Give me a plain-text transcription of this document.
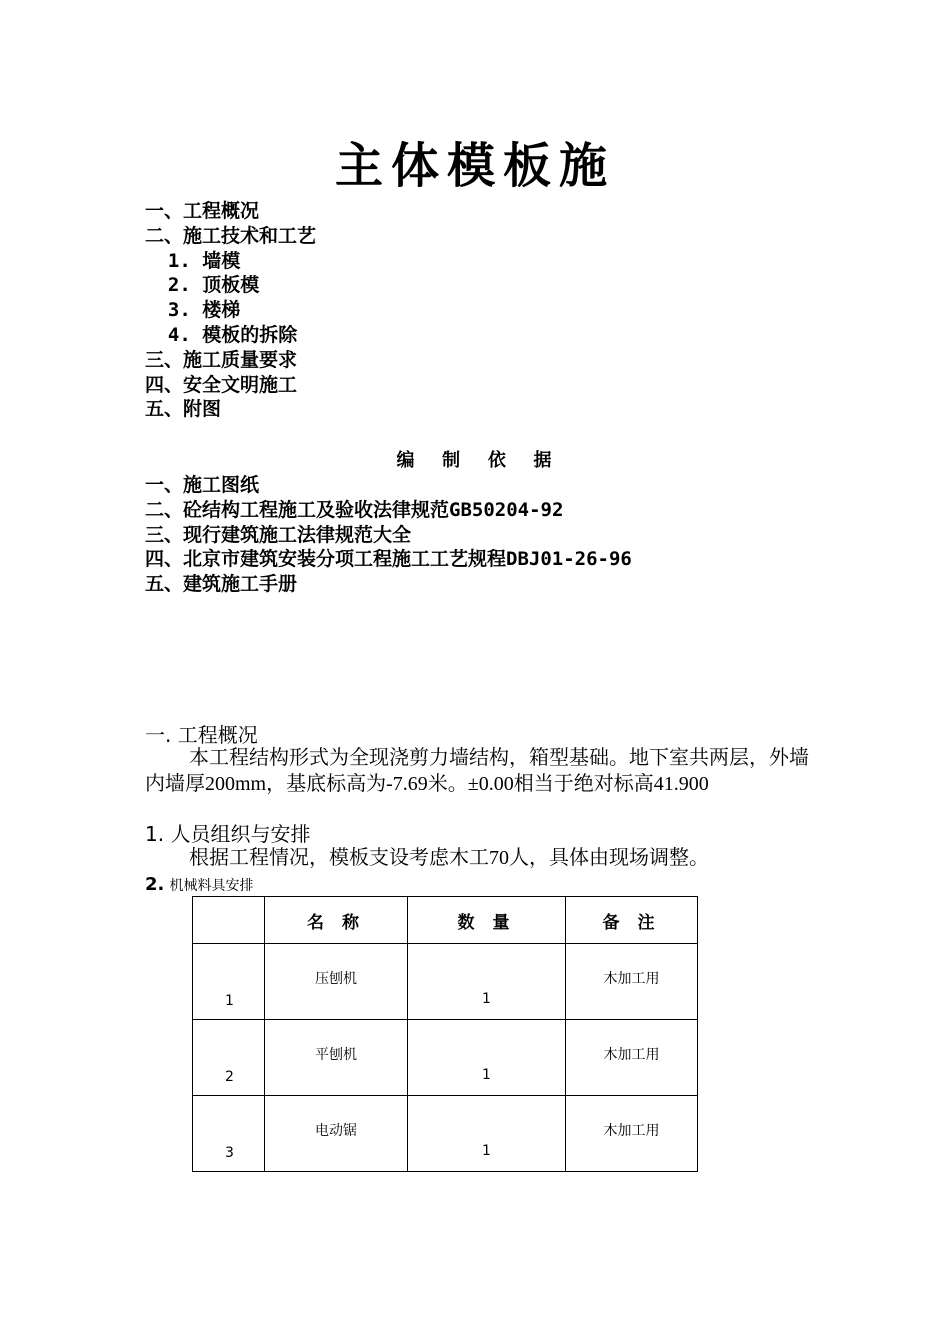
主体模板施
一、工程概况
二、施工技术和工艺
1. 墙模
2. 顶板模
3. 楼梯
4. 模板的拆除
三、施工质量要求
四、安全文明施工
五、附图
编  制  依  据
一、施工图纸
二、砼结构工程施工及验收法律规范GB50204-92
三、现行建筑施工法律规范大全
四、北京市建筑安装分项工程施工工艺规程DBJ01-26-96
五、建筑施工手册
一. 工程概况
本工程结构形式为全现浇剪力墙结构，箱型基础。地下室共两层，外墙内墙厚200mm，基底标高为-7.69米。±0.00相当于绝对标高41.900
1. 人员组织与安排
根据工程情况，模板支设考虑木工70人，具体由现场调整。
2. 机械料具安排
	名 称	数 量	备 注

1	压刨机	1	木加工用

2	平刨机	1	木加工用

3	电动锯	1	木加工用
